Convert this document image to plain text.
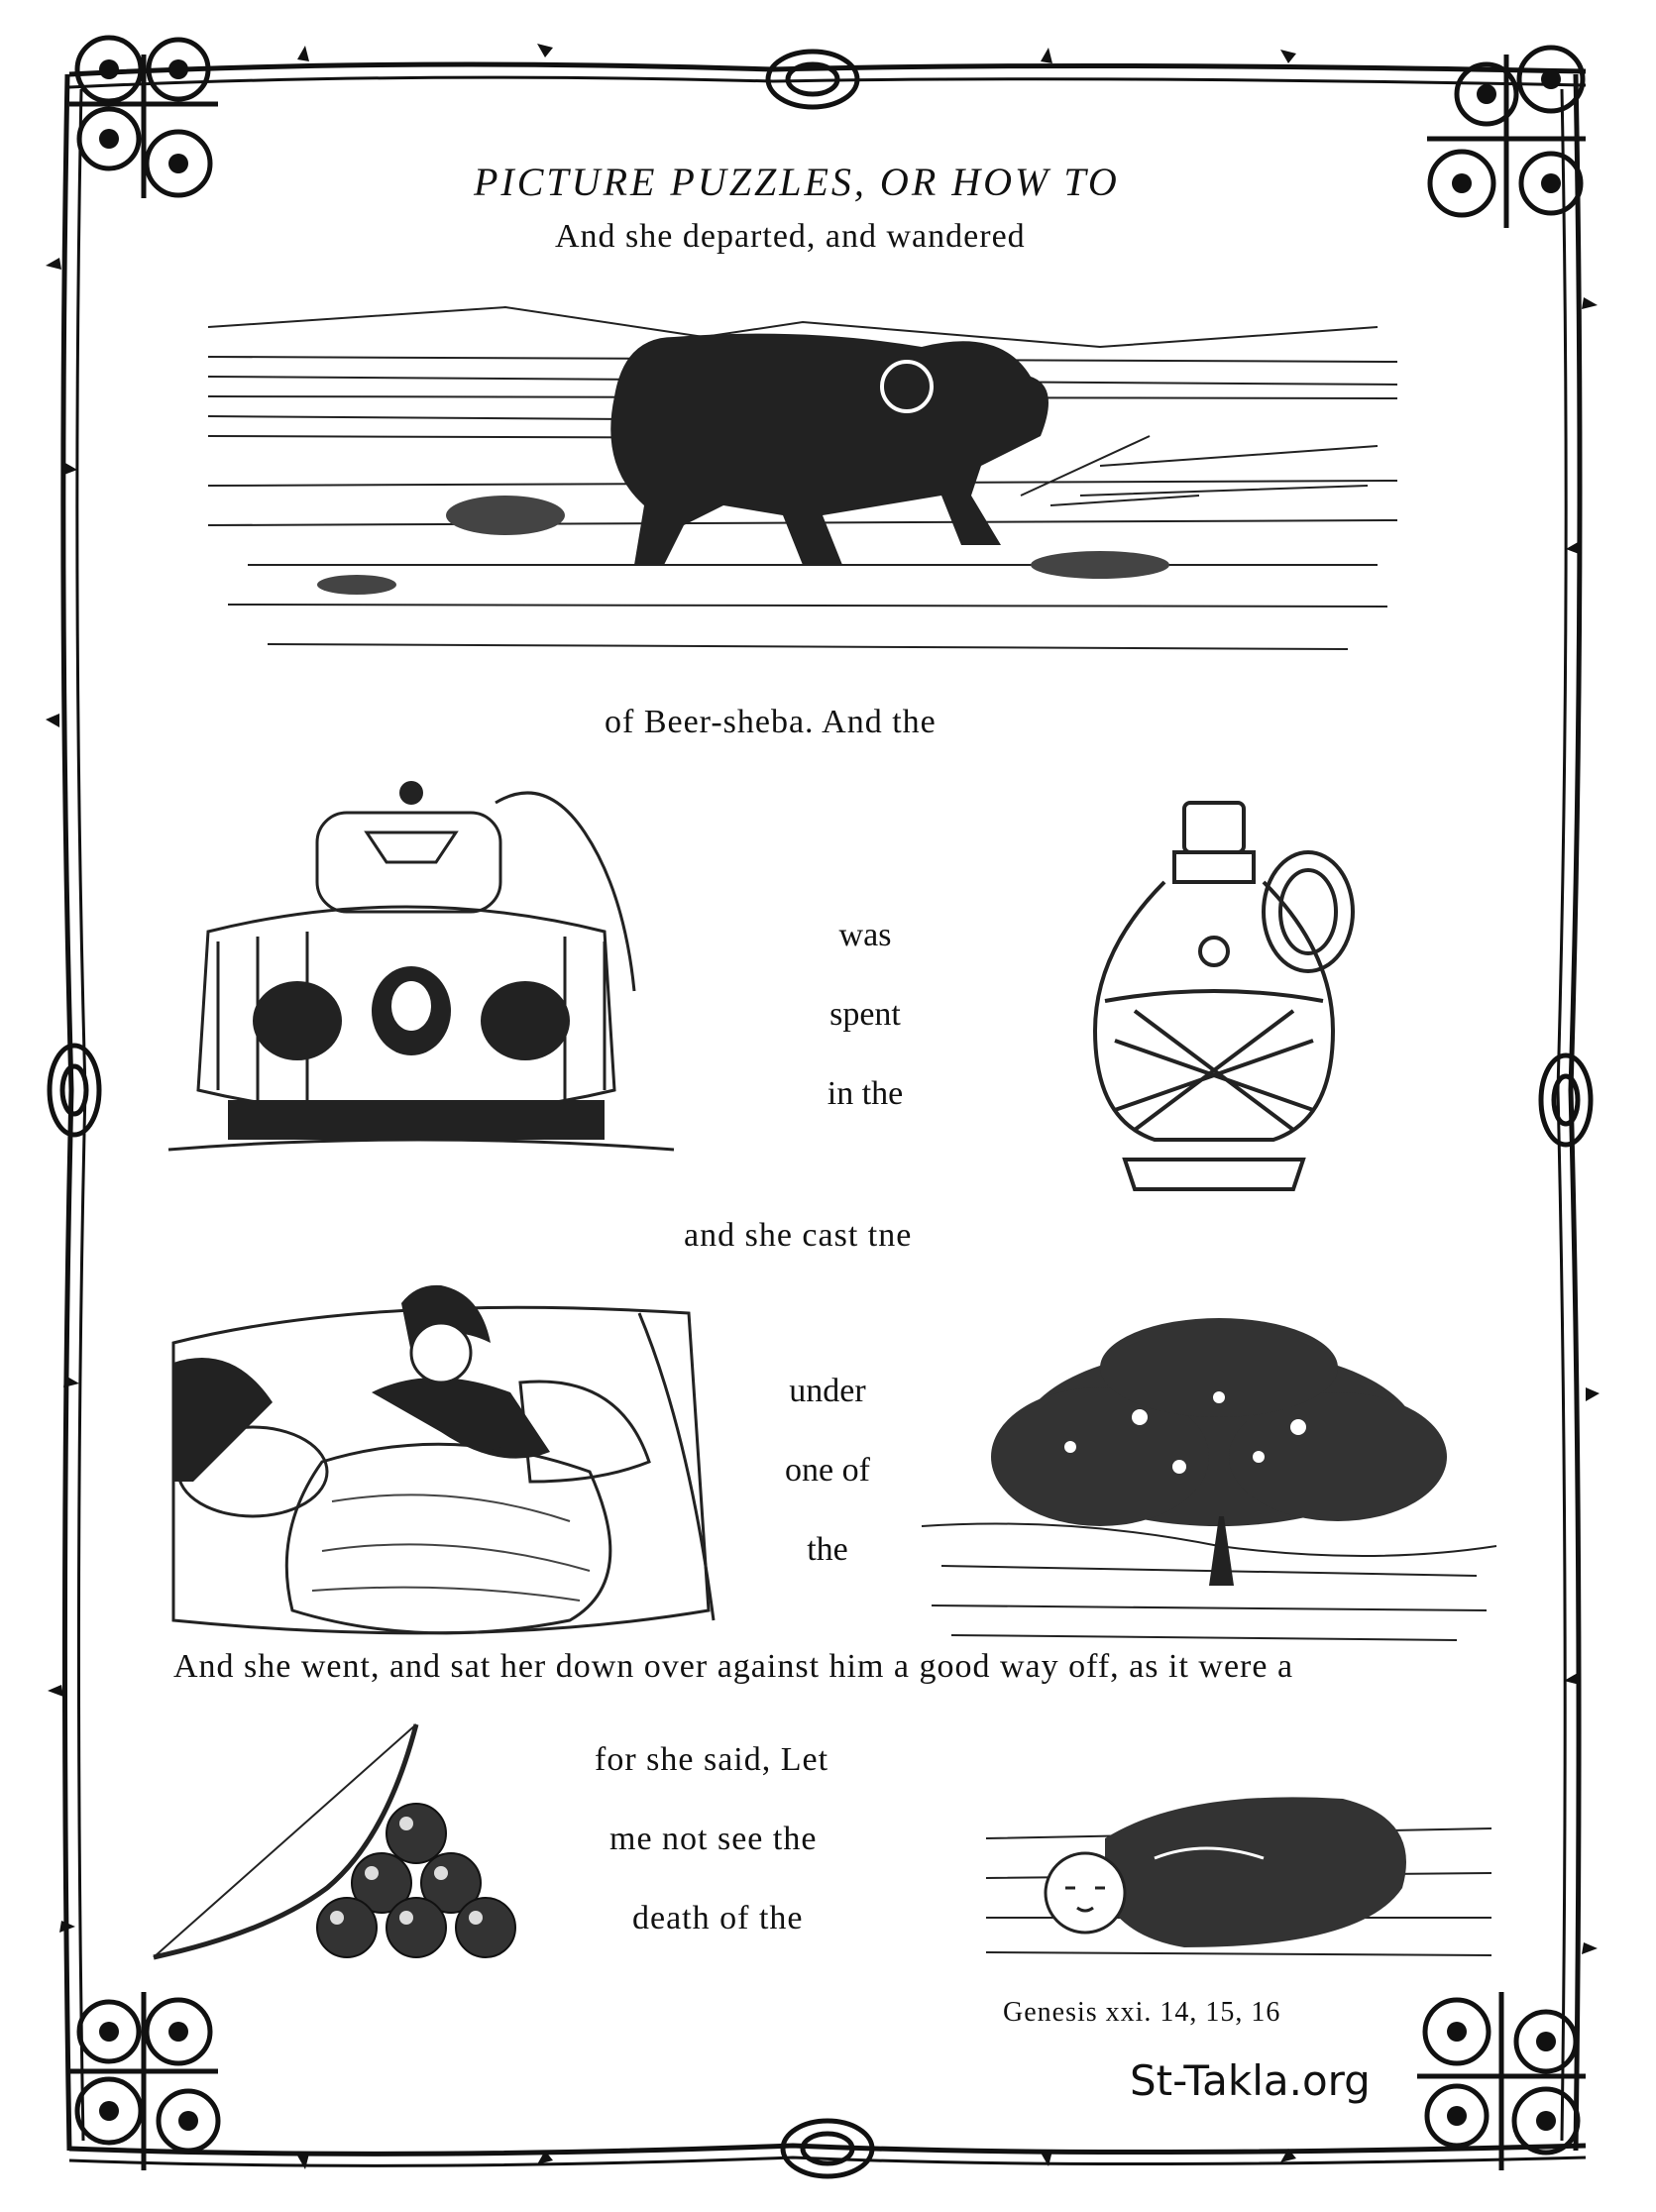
PICTURE PUZZLES, OR HOW TO
And she departed, and wandered
of Beer-sheba. And the
was
spent
in the
and she cast tne
under
one of
the
And she went, and sat her down over against him a good way off, as it were a
for she said, Let
me not see the
death of the
Genesis xxi. 14, 15, 16
St-Takla.org
